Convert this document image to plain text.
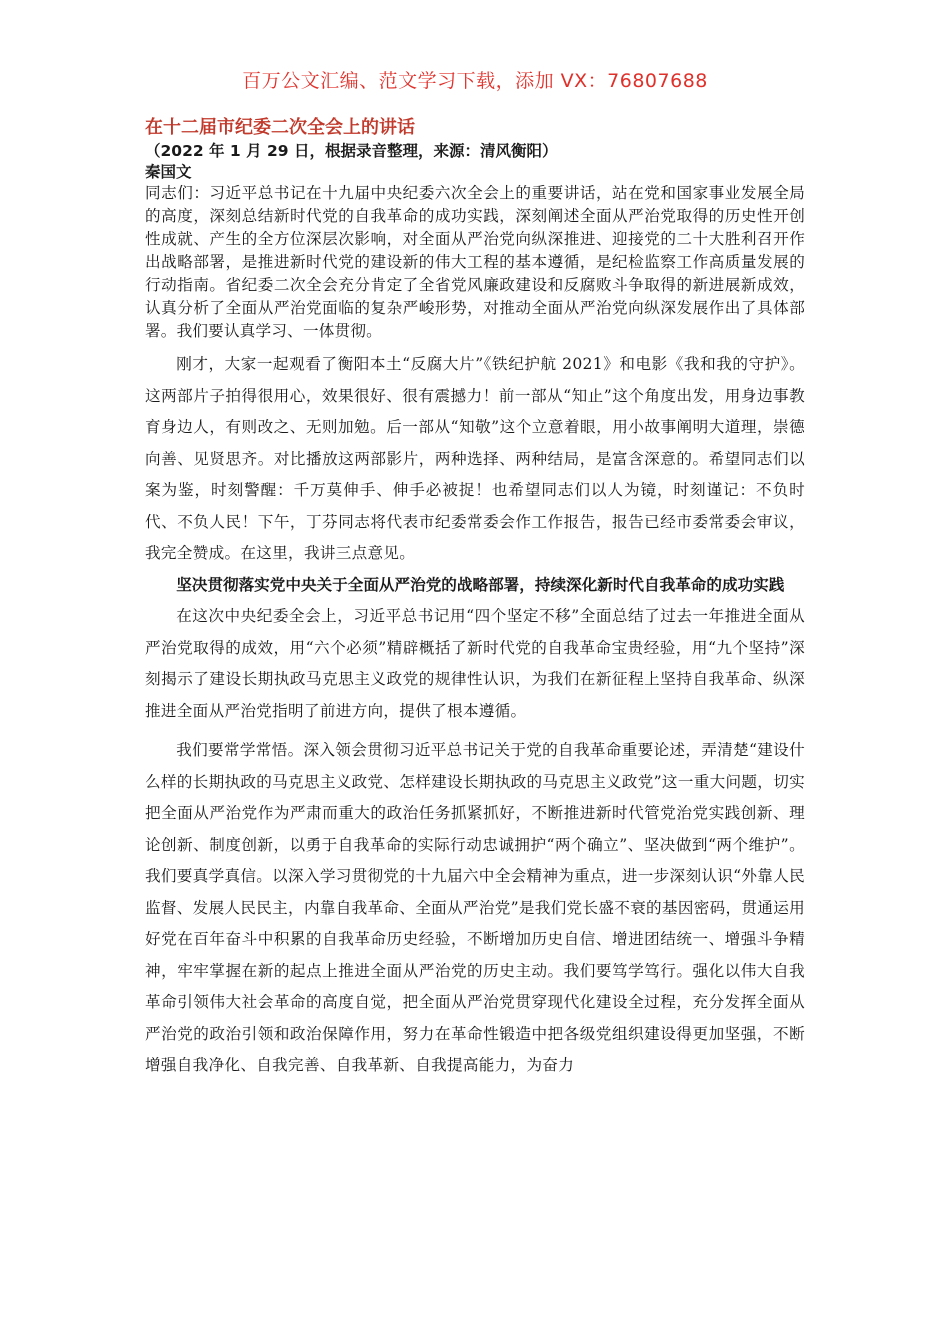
百万公文汇编、范文学习下载，添加 VX：76807688

在十二届市纪委二次全会上的讲话

（2022 年 1 月 29 日，根据录音整理，来源：清风衡阳）

秦国文

同志们：习近平总书记在十九届中央纪委六次全会上的重要讲话，站在党和国家事业发展全局的高度，深刻总结新时代党的自我革命的成功实践，深刻阐述全面从严治党取得的历史性开创性成就、产生的全方位深层次影响，对全面从严治党向纵深推进、迎接党的二十大胜利召开作出战略部署，是推进新时代党的建设新的伟大工程的基本遵循，是纪检监察工作高质量发展的行动指南。省纪委二次全会充分肯定了全省党风廉政建设和反腐败斗争取得的新进展新成效，认真分析了全面从严治党面临的复杂严峻形势，对推动全面从严治党向纵深发展作出了具体部署。我们要认真学习、一体贯彻。

刚才，大家一起观看了衡阳本土“反腐大片”《铁纪护航 2021》和电影《我和我的守护》。这两部片子拍得很用心，效果很好、很有震撼力！前一部从“知止”这个角度出发，用身边事教育身边人，有则改之、无则加勉。后一部从“知敬”这个立意着眼，用小故事阐明大道理，崇德向善、见贤思齐。对比播放这两部影片，两种选择、两种结局，是富含深意的。希望同志们以案为鉴，时刻警醒：千万莫伸手、伸手必被捉！也希望同志们以人为镜，时刻谨记：不负时代、不负人民！下午，丁芬同志将代表市纪委常委会作工作报告，报告已经市委常委会审议，我完全赞成。在这里，我讲三点意见。

坚决贯彻落实党中央关于全面从严治党的战略部署，持续深化新时代自我革命的成功实践

在这次中央纪委全会上，习近平总书记用“四个坚定不移”全面总结了过去一年推进全面从严治党取得的成效，用“六个必须”精辟概括了新时代党的自我革命宝贵经验，用“九个坚持”深刻揭示了建设长期执政马克思主义政党的规律性认识，为我们在新征程上坚持自我革命、纵深推进全面从严治党指明了前进方向，提供了根本遵循。

我们要常学常悟。深入领会贯彻习近平总书记关于党的自我革命重要论述，弄清楚“建设什么样的长期执政的马克思主义政党、怎样建设长期执政的马克思主义政党”这一重大问题，切实把全面从严治党作为严肃而重大的政治任务抓紧抓好，不断推进新时代管党治党实践创新、理论创新、制度创新，以勇于自我革命的实际行动忠诚拥护“两个确立”、坚决做到“两个维护”。我们要真学真信。以深入学习贯彻党的十九届六中全会精神为重点，进一步深刻认识“外靠人民监督、发展人民民主，内靠自我革命、全面从严治党”是我们党长盛不衰的基因密码，贯通运用好党在百年奋斗中积累的自我革命历史经验，不断增加历史自信、增进团结统一、增强斗争精神，牢牢掌握在新的起点上推进全面从严治党的历史主动。我们要笃学笃行。强化以伟大自我革命引领伟大社会革命的高度自觉，把全面从严治党贯穿现代化建设全过程，充分发挥全面从严治党的政治引领和政治保障作用，努力在革命性锻造中把各级党组织建设得更加坚强，不断增强自我净化、自我完善、自我革新、自我提高能力，为奋力
